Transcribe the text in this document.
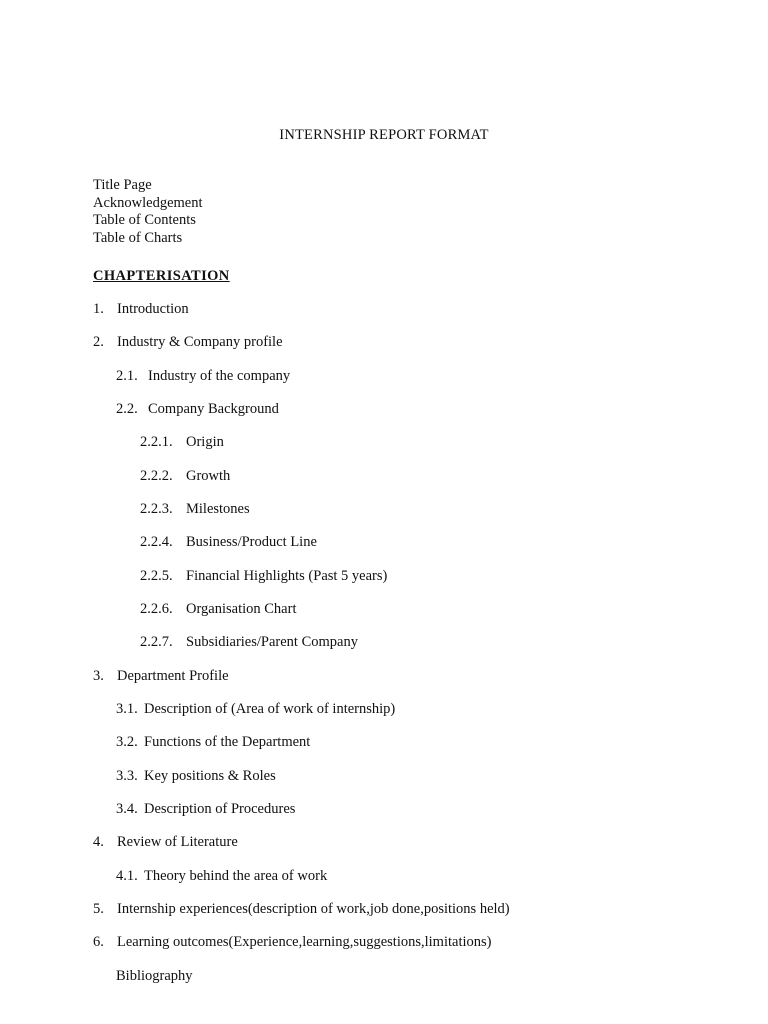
INTERNSHIP REPORT FORMAT
Title Page
Acknowledgement
Table of Contents
Table of Charts
CHAPTERISATION
1. Introduction
2. Industry & Company profile
2.1. Industry of the company
2.2. Company Background
2.2.1. Origin
2.2.2. Growth
2.2.3. Milestones
2.2.4. Business/Product Line
2.2.5. Financial Highlights (Past 5 years)
2.2.6. Organisation Chart
2.2.7. Subsidiaries/Parent Company
3. Department Profile
3.1. Description of (Area of work of internship)
3.2. Functions of the Department
3.3. Key positions & Roles
3.4. Description of Procedures
4. Review of Literature
4.1. Theory behind the area of work
5. Internship experiences(description of work,job done,positions held)
6. Learning outcomes(Experience,learning,suggestions,limitations)
Bibliography
